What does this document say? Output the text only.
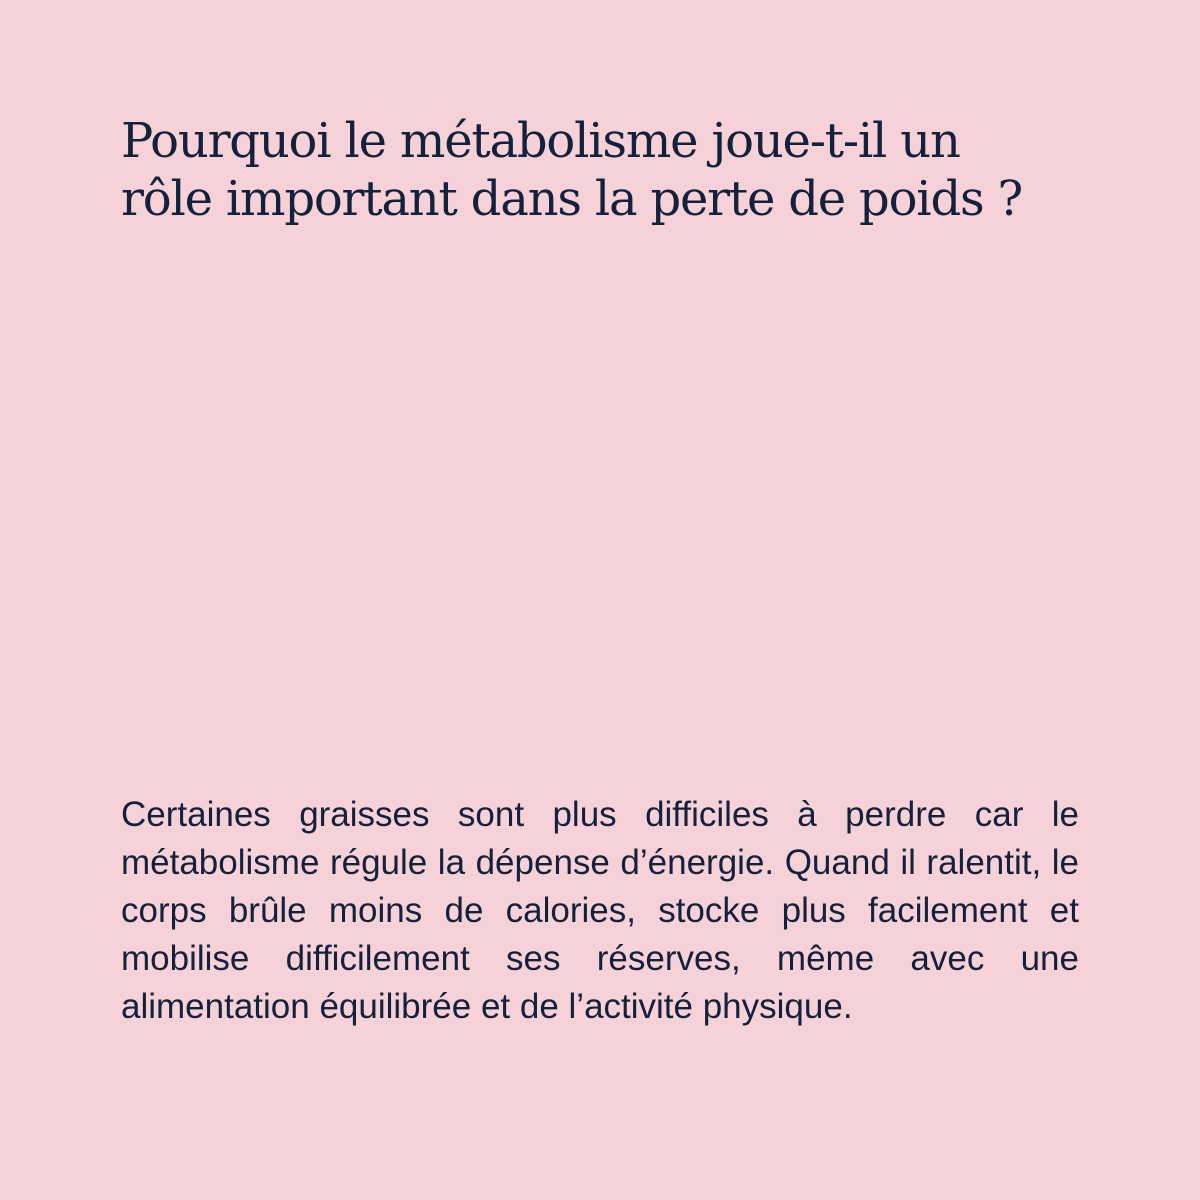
Pourquoi le métabolisme joue-t-il un
rôle important dans la perte de poids ?

Certaines graisses sont plus difficiles à perdre car le métabolisme régule la dépense d’énergie. Quand il ralentit, le corps brûle moins de calories, stocke plus facilement et mobilise difficilement ses réserves, même avec une alimentation équilibrée et de l’activité physique.
